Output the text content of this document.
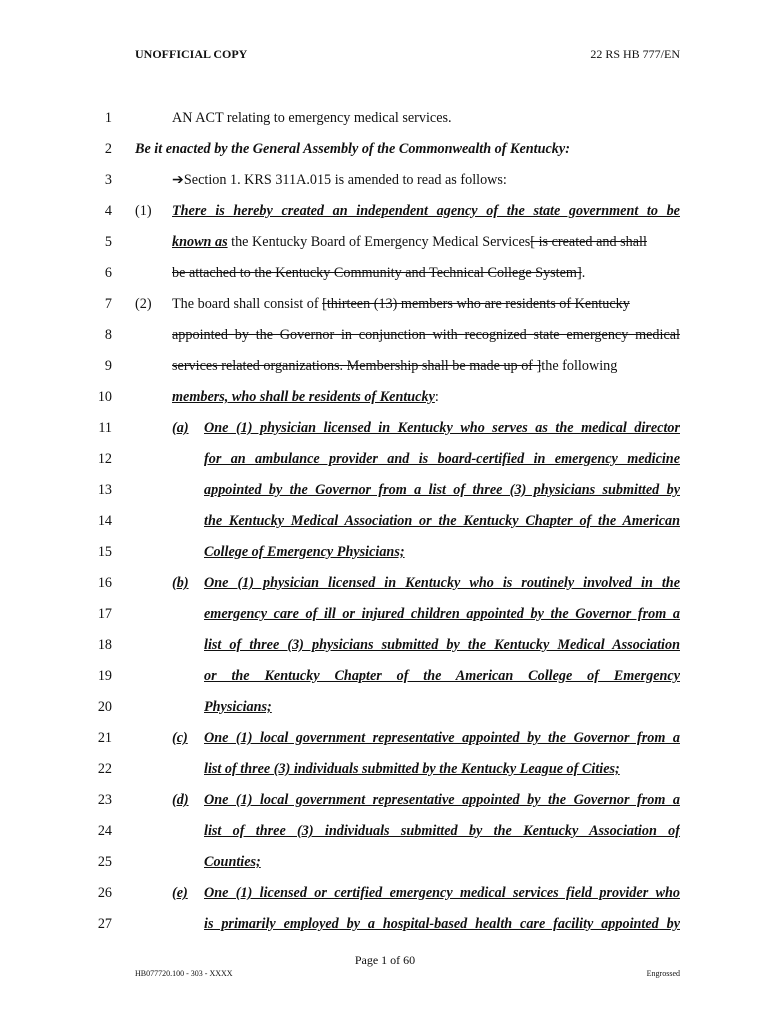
UNOFFICIAL COPY	22 RS HB 777/EN
1	AN ACT relating to emergency medical services.
2 Be it enacted by the General Assembly of the Commonwealth of Kentucky:
3	➔Section 1. KRS 311A.015 is amended to read as follows:
4 (1) There is hereby created an independent agency of the state government to be
5	known as the Kentucky Board of Emergency Medical Services[ is created and shall
6	be attached to the Kentucky Community and Technical College System].
7 (2) The board shall consist of [thirteen (13) members who are residents of Kentucky
8	appointed by the Governor in conjunction with recognized state emergency medical
9	services related organizations. Membership shall be made up of ]the following
10	members, who shall be residents of Kentucky:
11	(a) One (1) physician licensed in Kentucky who serves as the medical director
12	for an ambulance provider and is board-certified in emergency medicine
13	appointed by the Governor from a list of three (3) physicians submitted by
14	the Kentucky Medical Association or the Kentucky Chapter of the American
15	College of Emergency Physicians;
16	(b) One (1) physician licensed in Kentucky who is routinely involved in the
17	emergency care of ill or injured children appointed by the Governor from a
18	list of three (3) physicians submitted by the Kentucky Medical Association
19	or the Kentucky Chapter of the American College of Emergency
20	Physicians;
21	(c) One (1) local government representative appointed by the Governor from a
22	list of three (3) individuals submitted by the Kentucky League of Cities;
23	(d) One (1) local government representative appointed by the Governor from a
24	list of three (3) individuals submitted by the Kentucky Association of
25	Counties;
26	(e) One (1) licensed or certified emergency medical services field provider who
27	is primarily employed by a hospital-based health care facility appointed by
Page 1 of 60
HB077720.100 - 303 - XXXX	Engrossed
